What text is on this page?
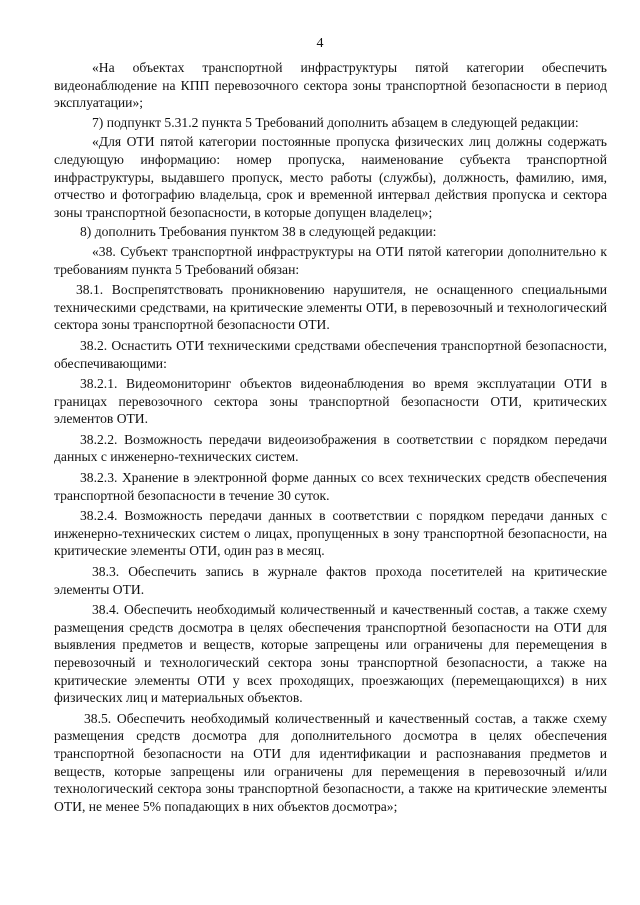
4

«На объектах транспортной инфраструктуры пятой категории обеспечить видеонаблюдение на КПП перевозочного сектора зоны транспортной безопасности в период эксплуатации»;

7) подпункт 5.31.2 пункта 5 Требований дополнить абзацем в следующей редакции:

«Для ОТИ пятой категории постоянные пропуска физических лиц должны содержать следующую информацию: номер пропуска, наименование субъекта транспортной инфраструктуры, выдавшего пропуск, место работы (службы), должность, фамилию, имя, отчество и фотографию владельца, срок и временной интервал действия пропуска и сектора зоны транспортной безопасности, в которые допущен владелец»;

8) дополнить Требования пунктом 38 в следующей редакции:

«38. Субъект транспортной инфраструктуры на ОТИ пятой категории дополнительно к требованиям пункта 5 Требований обязан:

38.1. Воспрепятствовать проникновению нарушителя, не оснащенного специальными техническими средствами, на критические элементы ОТИ, в перевозочный и технологический сектора зоны транспортной безопасности ОТИ.

38.2. Оснастить ОТИ техническими средствами обеспечения транспортной безопасности, обеспечивающими:

38.2.1. Видеомониторинг объектов видеонаблюдения во время эксплуатации ОТИ в границах перевозочного сектора зоны транспортной безопасности ОТИ, критических элементов ОТИ.

38.2.2. Возможность передачи видеоизображения в соответствии с порядком передачи данных с инженерно-технических систем.

38.2.3. Хранение в электронной форме данных со всех технических средств обеспечения транспортной безопасности в течение 30 суток.

38.2.4. Возможность передачи данных в соответствии с порядком передачи данных с инженерно-технических систем о лицах, пропущенных в зону транспортной безопасности, на критические элементы ОТИ, один раз в месяц.

38.3. Обеспечить запись в журнале фактов прохода посетителей на критические элементы ОТИ.

38.4. Обеспечить необходимый количественный и качественный состав, а также схему размещения средств досмотра в целях обеспечения транспортной безопасности на ОТИ для выявления предметов и веществ, которые запрещены или ограничены для перемещения в перевозочный и технологический сектора зоны транспортной безопасности, а также на критические элементы ОТИ у всех проходящих, проезжающих (перемещающихся) в них физических лиц и материальных объектов.

38.5. Обеспечить необходимый количественный и качественный состав, а также схему размещения средств досмотра для дополнительного досмотра в целях обеспечения транспортной безопасности на ОТИ для идентификации и распознавания предметов и веществ, которые запрещены или ограничены для перемещения в перевозочный и/или технологический сектора зоны транспортной безопасности, а также на критические элементы ОТИ, не менее 5% попадающих в них объектов досмотра»;
